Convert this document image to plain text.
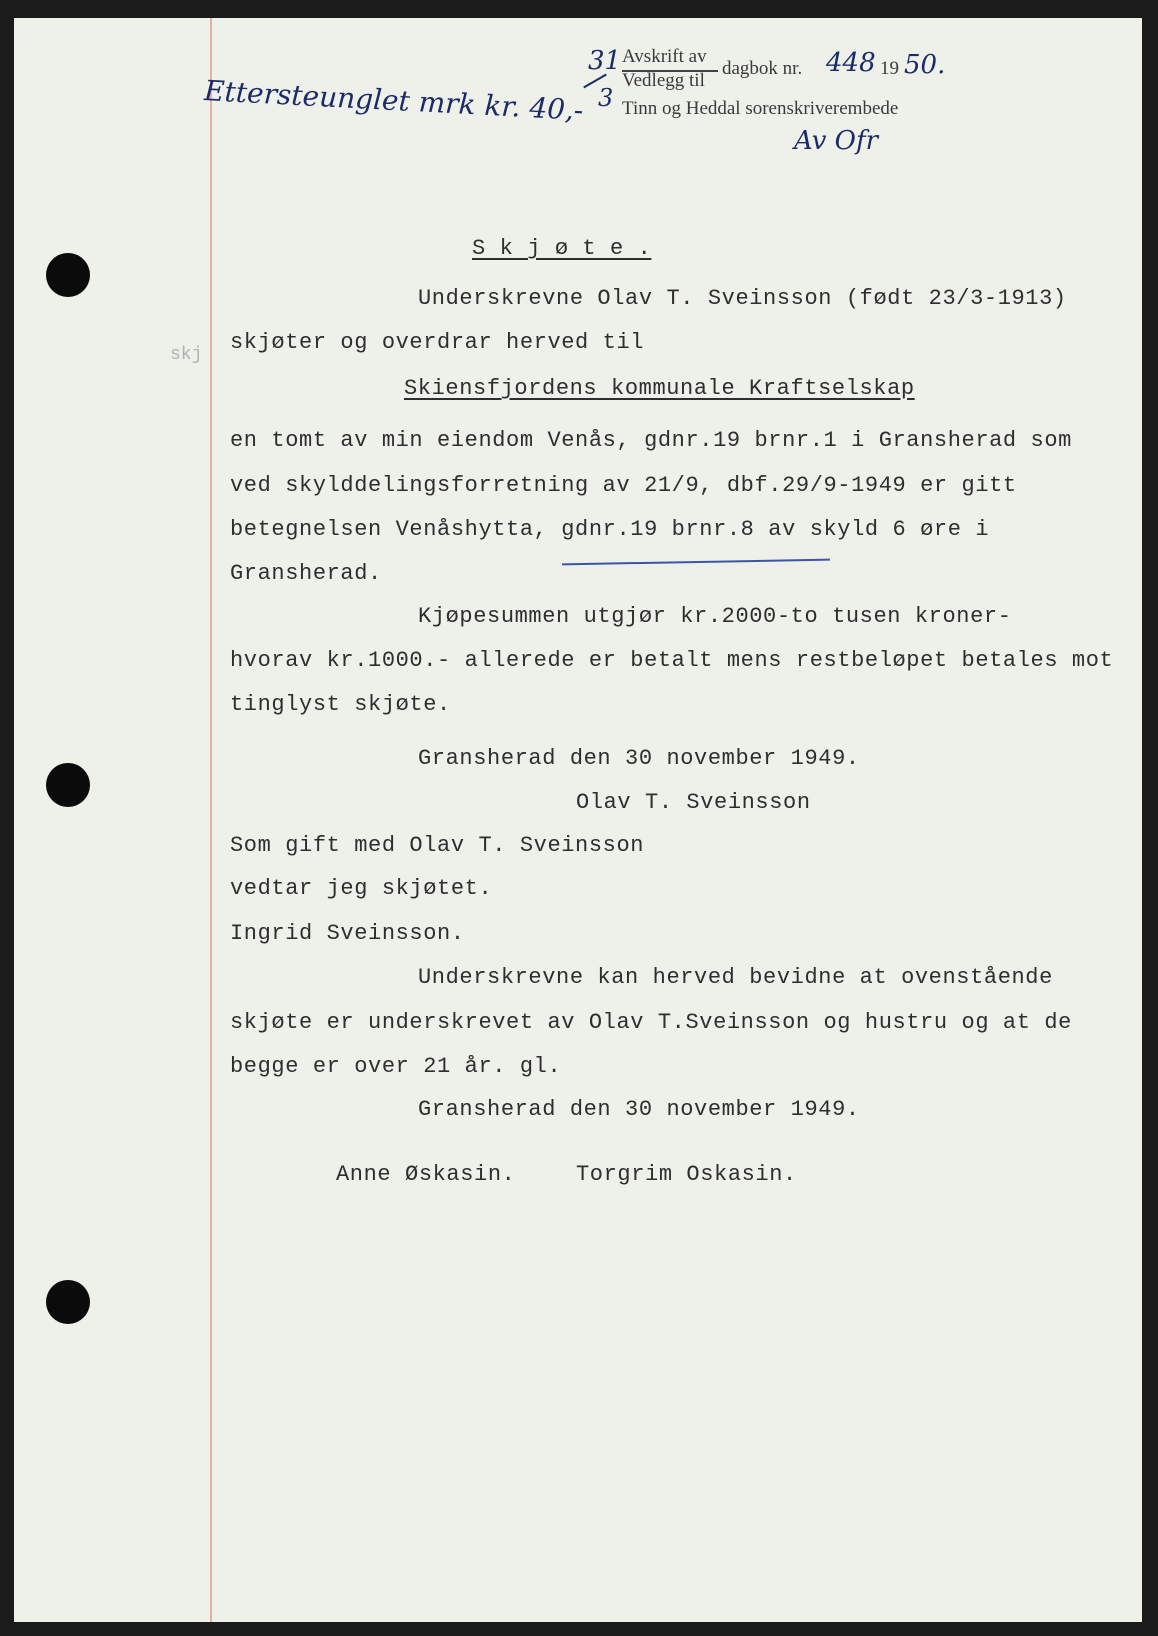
Ettersteunglet mrk kr. 40,-
31
3
Avskrift av
Vedlegg til
dagbok nr. 448 19 50.
Tinn og Heddal sorenskriverembede
Av Ofr
skj
S k j ø t e .
Underskrevne Olav T. Sveinsson (født 23/3-1913)
skjøter og overdrar herved til
Skiensfjordens kommunale Kraftselskap
en tomt av min eiendom Venås, gdnr.19 brnr.1 i Gransherad som
ved skylddelingsforretning av 21/9, dbf.29/9-1949 er gitt
betegnelsen Venåshytta, gdnr.19 brnr.8 av skyld 6 øre i
Gransherad.
Kjøpesummen utgjør kr.2000-to tusen kroner-
hvorav kr.1000.- allerede er betalt mens restbeløpet betales mot
tinglyst skjøte.
Gransherad den 30 november 1949.
Olav T. Sveinsson
Som gift med Olav T. Sveinsson
vedtar jeg skjøtet.
Ingrid Sveinsson.
Underskrevne kan herved bevidne at ovenstående
skjøte er underskrevet av Olav T.Sveinsson og hustru og at de
begge er over 21 år. gl.
Gransherad den 30 november 1949.
Anne Øskasin.	Torgrim Oskasin.
